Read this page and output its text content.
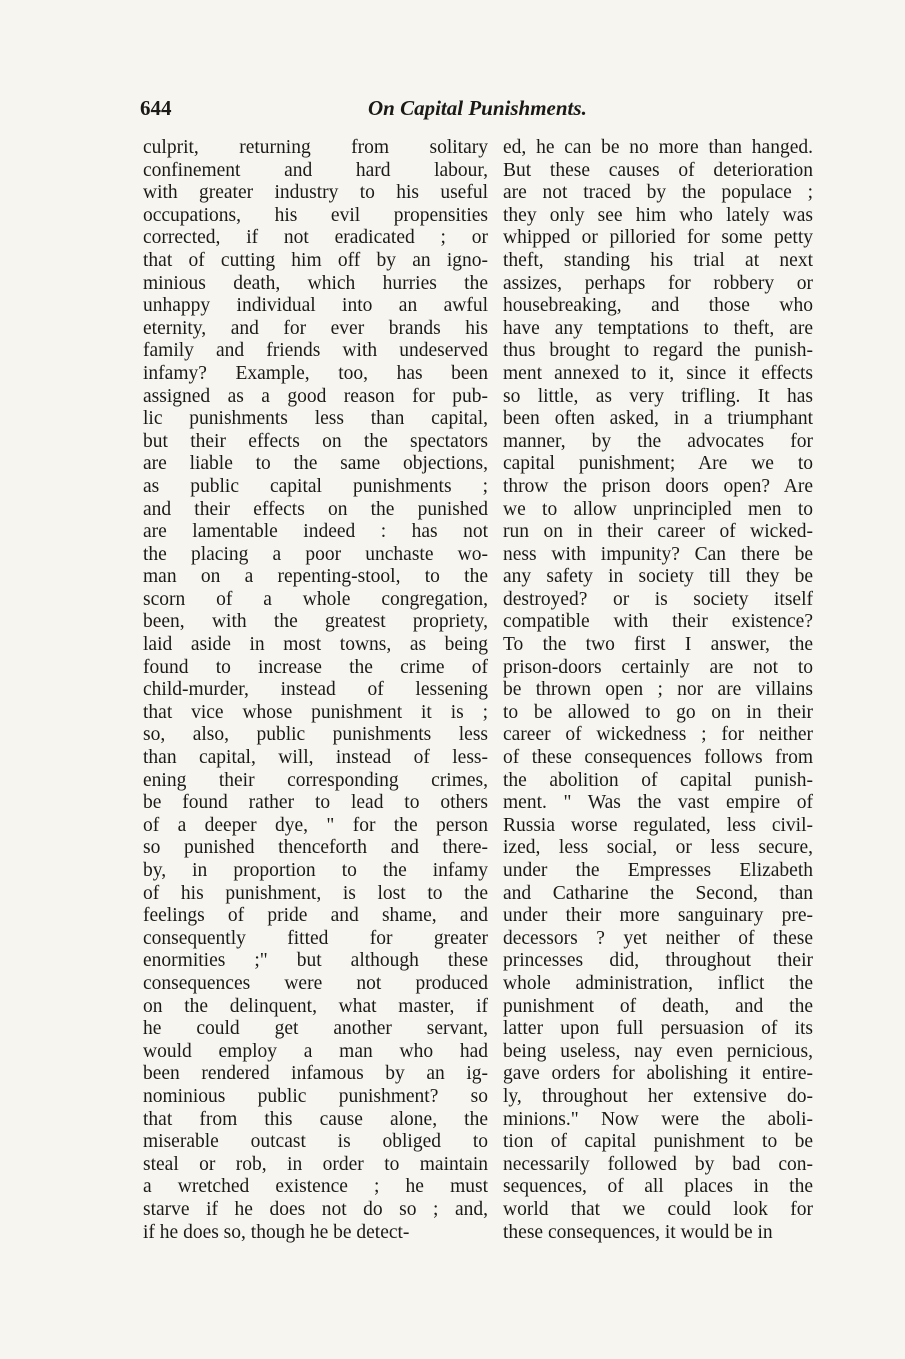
644	On Capital Punishments.
culprit, returning from solitary
confinement and hard labour,
with greater industry to his useful
occupations, his evil propensities
corrected, if not eradicated ; or
that of cutting him off by an igno-
minious death, which hurries the
unhappy individual into an awful
eternity, and for ever brands his
family and friends with undeserved
infamy? Example, too, has been
assigned as a good reason for pub-
lic punishments less than capital,
but their effects on the spectators
are liable to the same objections,
as public capital punishments ;
and their effects on the punished
are lamentable indeed : has not
the placing a poor unchaste wo-
man on a repenting-stool, to the
scorn of a whole congregation,
been, with the greatest propriety,
laid aside in most towns, as being
found to increase the crime of
child-murder, instead of lessening
that vice whose punishment it is ;
so, also, public punishments less
than capital, will, instead of less-
ening their corresponding crimes,
be found rather to lead to others
of a deeper dye, " for the person
so punished thenceforth and there-
by, in proportion to the infamy
of his punishment, is lost to the
feelings of pride and shame, and
consequently fitted for greater
enormities ;" but although these
consequences were not produced
on the delinquent, what master, if
he could get another servant,
would employ a man who had
been rendered infamous by an ig-
nominious public punishment? so
that from this cause alone, the
miserable outcast is obliged to
steal or rob, in order to maintain
a wretched existence ; he must
starve if he does not do so ; and,
if he does so, though he be detect-
ed, he can be no more than hanged.
But these causes of deterioration
are not traced by the populace ;
they only see him who lately was
whipped or pilloried for some petty
theft, standing his trial at next
assizes, perhaps for robbery or
housebreaking, and those who
have any temptations to theft, are
thus brought to regard the punish-
ment annexed to it, since it effects
so little, as very trifling. It has
been often asked, in a triumphant
manner, by the advocates for
capital punishment; Are we to
throw the prison doors open? Are
we to allow unprincipled men to
run on in their career of wicked-
ness with impunity? Can there be
any safety in society till they be
destroyed? or is society itself
compatible with their existence?
To the two first I answer, the
prison-doors certainly are not to
be thrown open ; nor are villains
to be allowed to go on in their
career of wickedness ; for neither
of these consequences follows from
the abolition of capital punish-
ment. " Was the vast empire of
Russia worse regulated, less civil-
ized, less social, or less secure,
under the Empresses Elizabeth
and Catharine the Second, than
under their more sanguinary pre-
decessors ? yet neither of these
princesses did, throughout their
whole administration, inflict the
punishment of death, and the
latter upon full persuasion of its
being useless, nay even pernicious,
gave orders for abolishing it entire-
ly, throughout her extensive do-
minions." Now were the aboli-
tion of capital punishment to be
necessarily followed by bad con-
sequences, of all places in the
world that we could look for
these consequences, it would be in
